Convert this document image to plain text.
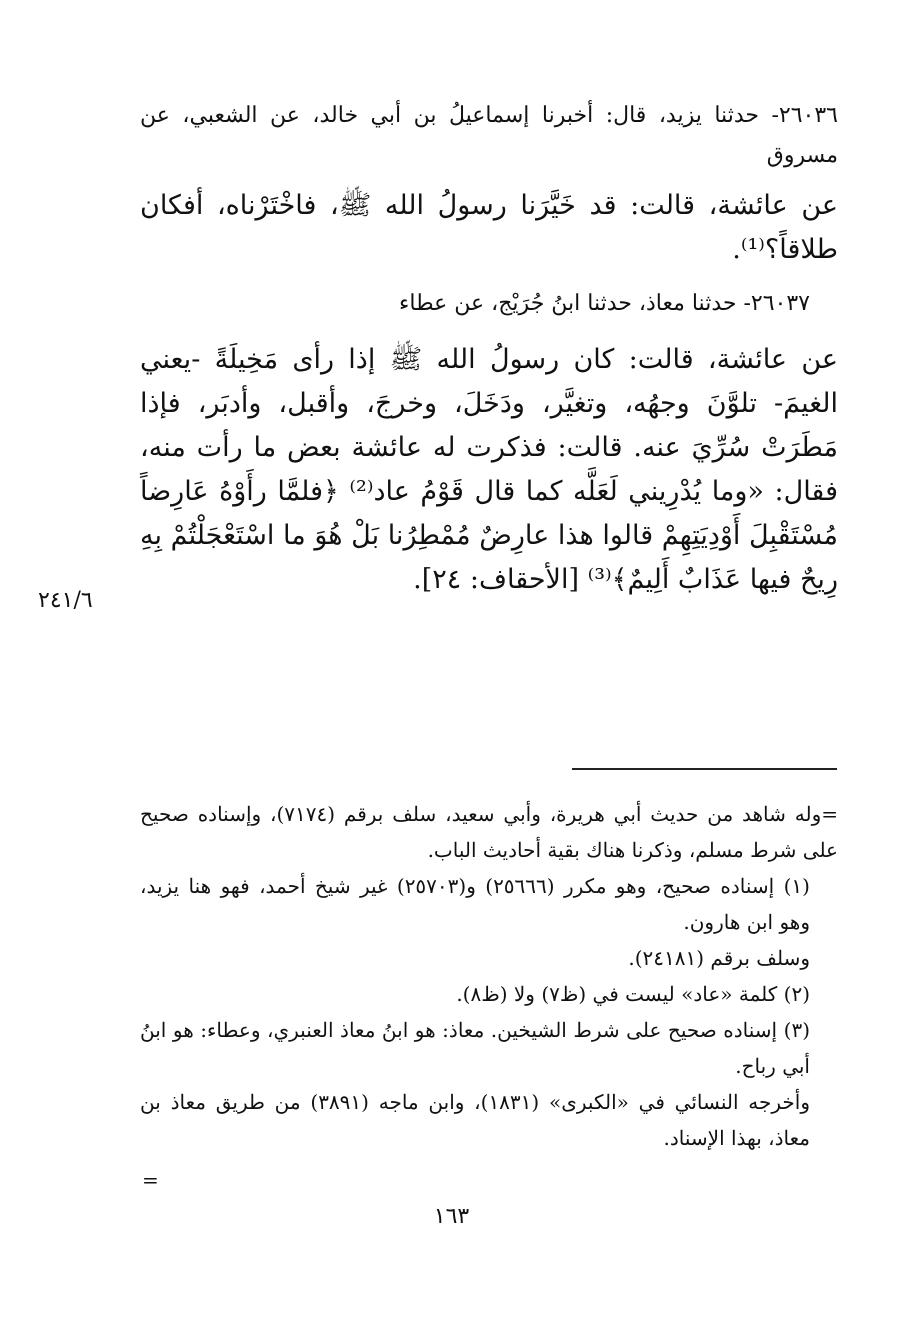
٢٦٠٣٦- حدثنا يزيد، قال: أخبرنا إسماعيلُ بن أبي خالد، عن الشعبي، عن مسروق

عن عائشة، قالت: قد خَيَّرَنا رسولُ الله ﷺ، فاخْتَرْناه، أفكان طلاقاً؟⁽¹⁾.

٢٦٠٣٧- حدثنا معاذ، حدثنا ابنُ جُرَيْج، عن عطاء

عن عائشة، قالت: كان رسولُ الله ﷺ إذا رأى مَخِيلَةً -يعني الغيمَ- تلوَّنَ وجهُه، وتغيَّر، ودَخَلَ، وخرجَ، وأقبل، وأدبَر، فإذا مَطَرَتْ سُرِّيَ عنه. قالت: فذكرت له عائشة بعض ما رأت منه، فقال: «وما يُدْرِيني لَعَلَّه كما قال قَوْمُ عاد⁽²⁾ ﴿فلمَّا رأَوْهُ عَارِضاً مُسْتَقْبِلَ أَوْدِيَتِهِمْ قالوا هذا عارِضٌ مُمْطِرُنا بَلْ هُوَ ما اسْتَعْجَلْتُمْ بِهِ رِيحٌ فيها عَذَابٌ أَلِيمٌ﴾⁽³⁾ [الأحقاف: ٢٤].

٢٤١/٦

=وله شاهد من حديث أبي هريرة، وأبي سعيد، سلف برقم (٧١٧٤)، وإسناده صحيح على شرط مسلم، وذكرنا هناك بقية أحاديث الباب.

(١) إسناده صحيح، وهو مكرر (٢٥٦٦٦) و(٢٥٧٠٣) غير شيخ أحمد، فهو هنا يزيد، وهو ابن هارون.

وسلف برقم (٢٤١٨١).

(٢) كلمة «عاد» ليست في (ظ٧) ولا (ظ٨).

(٣) إسناده صحيح على شرط الشيخين. معاذ: هو ابنُ معاذ العنبري، وعطاء: هو ابنُ أبي رباح.

وأخرجه النسائي في «الكبرى» (١٨٣١)، وابن ماجه (٣٨٩١) من طريق معاذ بن معاذ، بهذا الإسناد.

=
١٦٣
